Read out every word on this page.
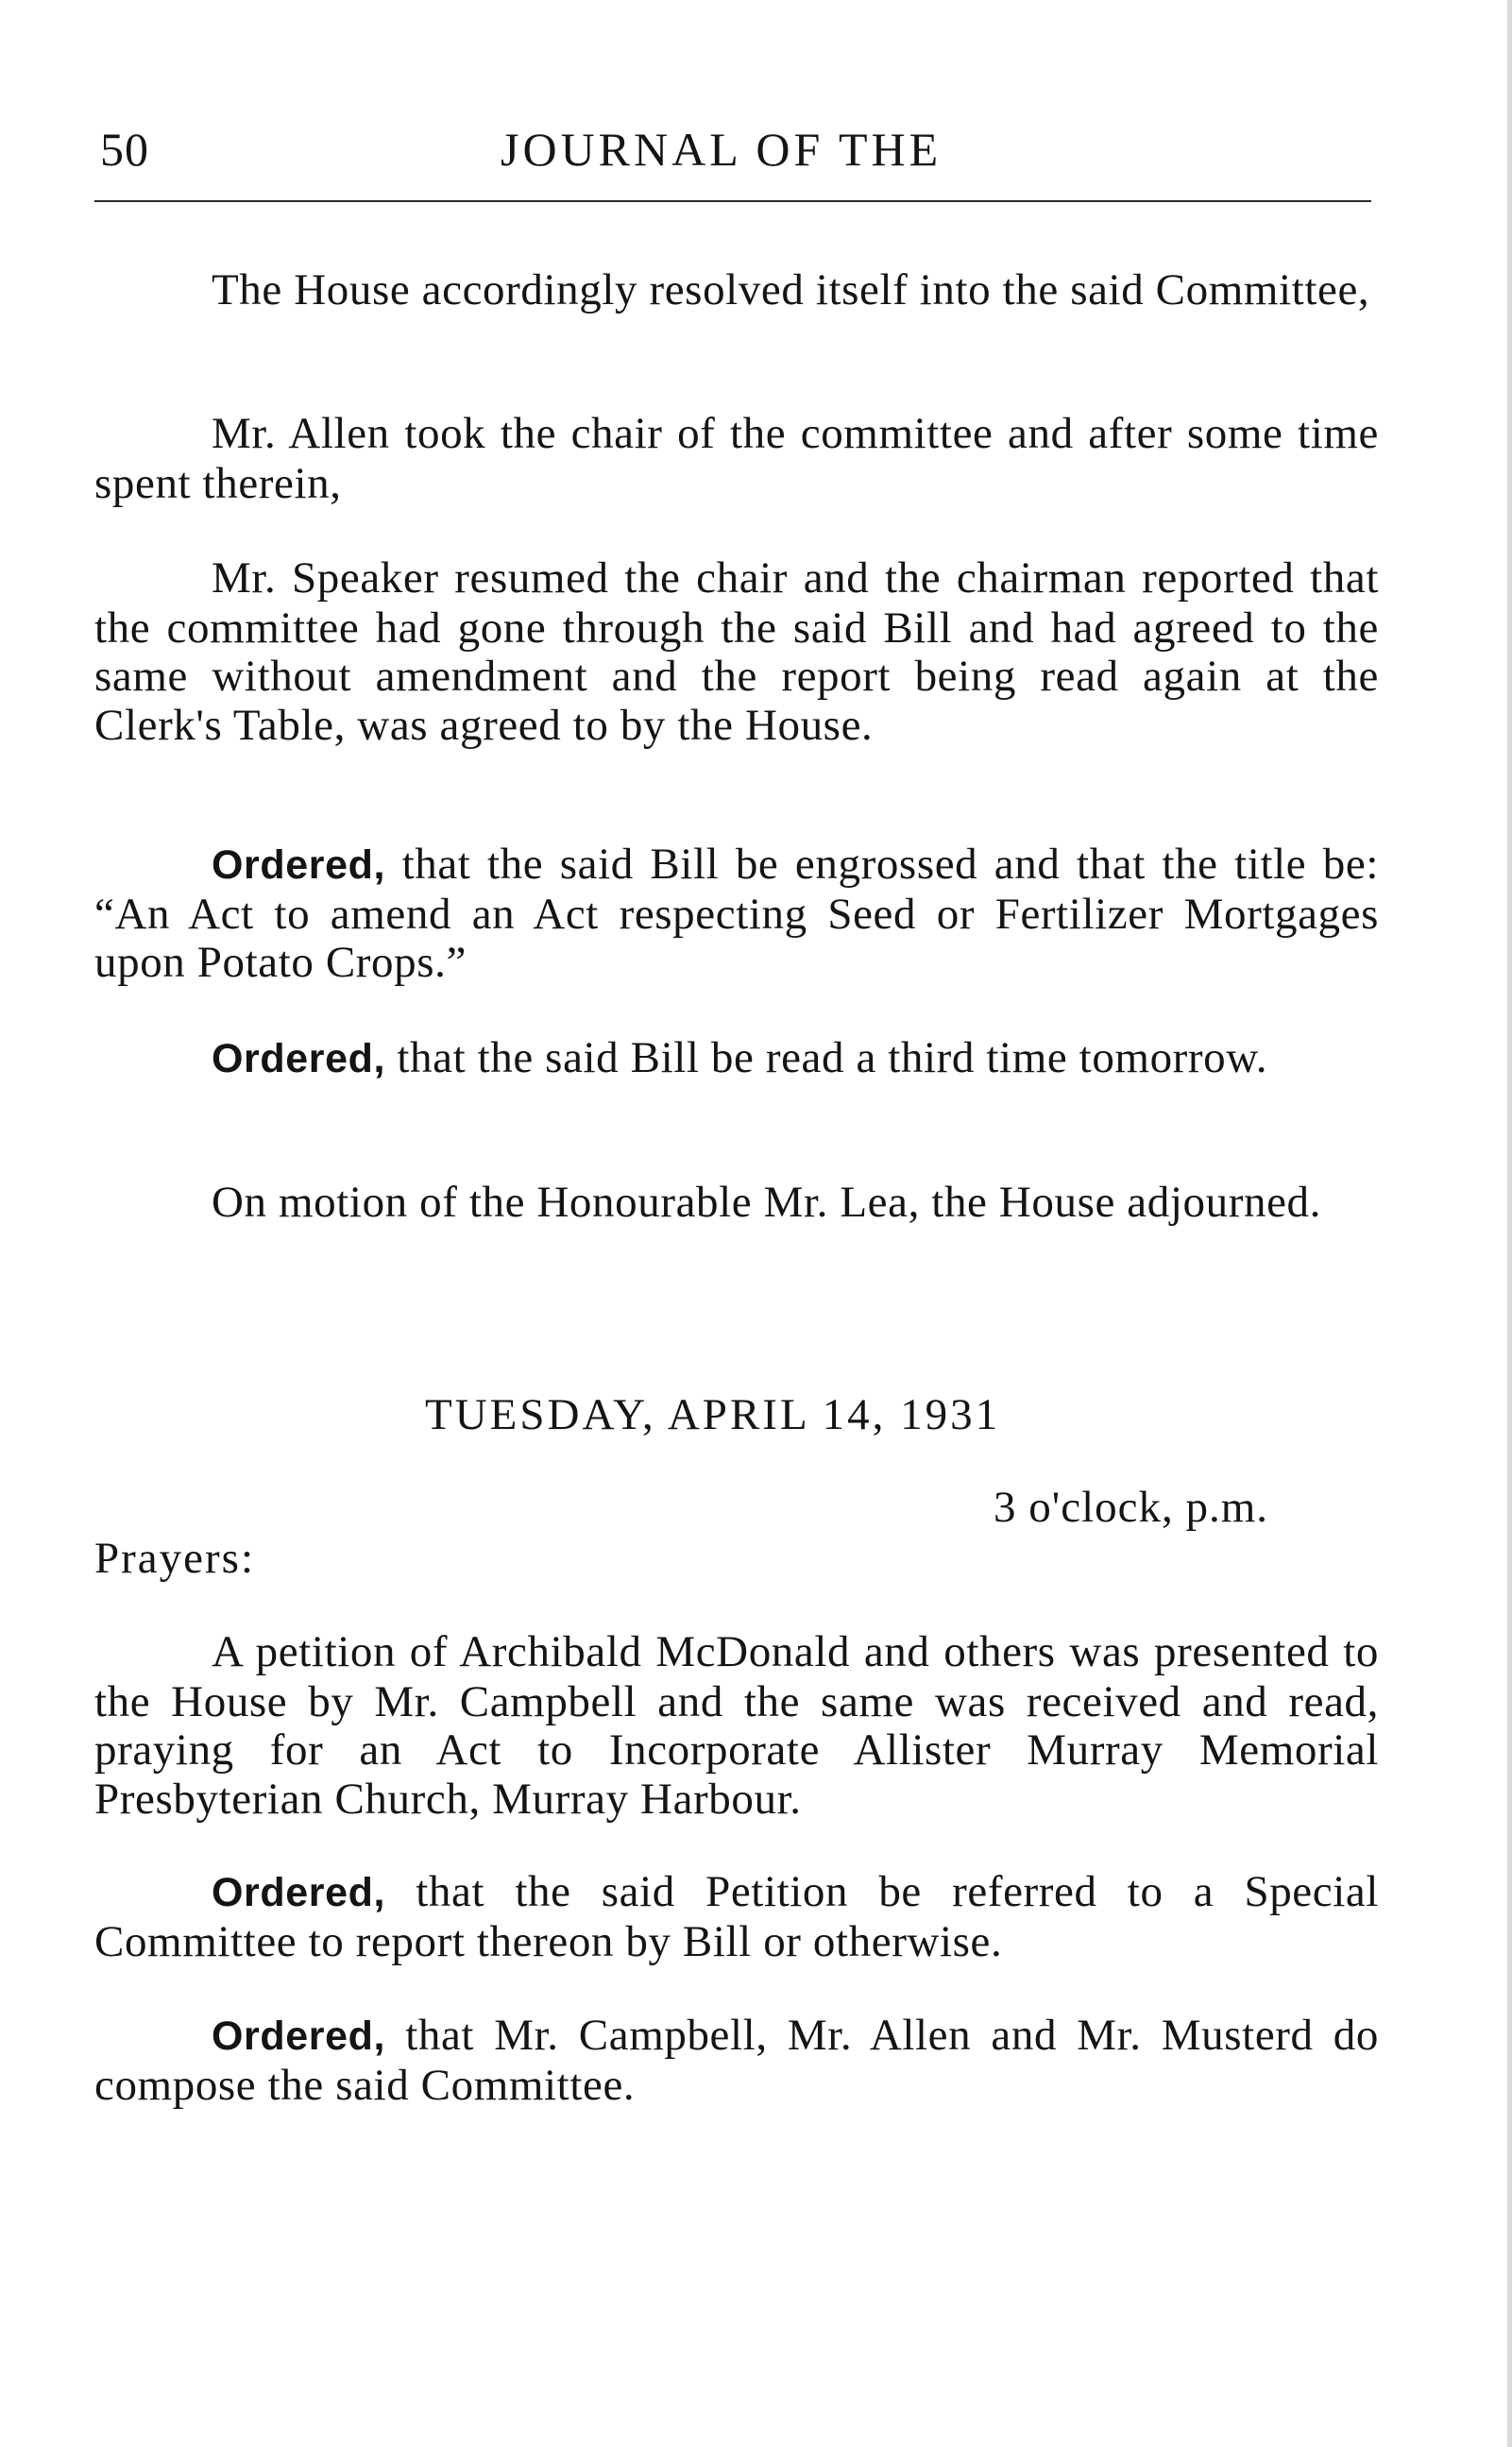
50	JOURNAL OF THE

The House accordingly resolved itself into the said Committee,

Mr. Allen took the chair of the committee and after some time spent therein,

Mr. Speaker resumed the chair and the chairman reported that the committee had gone through the said Bill and had agreed to the same without amendment and the report being read again at the Clerk's Table, was agreed to by the House.

Ordered, that the said Bill be engrossed and that the title be: “An Act to amend an Act respecting Seed or Fertilizer Mortgages upon Potato Crops.”

Ordered, that the said Bill be read a third time tomorrow.

On motion of the Honourable Mr. Lea, the House adjourned.

TUESDAY, APRIL 14, 1931
3 o'clock, p.m.
Prayers:

A petition of Archibald McDonald and others was presented to the House by Mr. Campbell and the same was received and read, praying for an Act to Incorporate Allister Murray Memorial Presbyterian Church, Murray Harbour.

Ordered, that the said Petition be referred to a Special Committee to report thereon by Bill or otherwise.

Ordered, that Mr. Campbell, Mr. Allen and Mr. Musterd do compose the said Committee.
